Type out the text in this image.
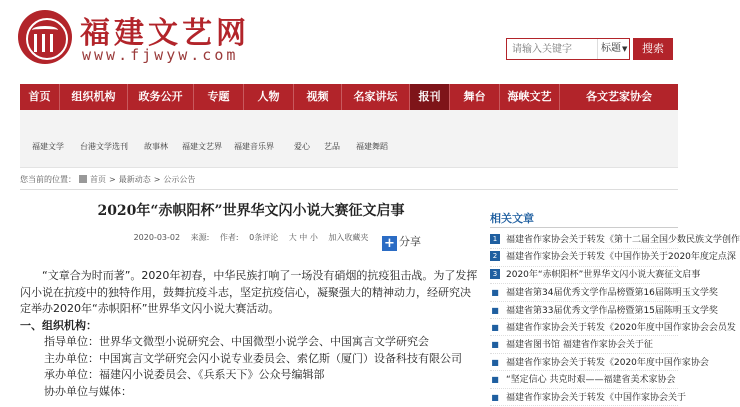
福建文艺网
www.fjwyw.com
请输入关键字	标题▼	搜索
首页	组织机构	政务公开	专题	人物	视频	名家讲坛	报刊	舞台	海峡文艺	各文艺家协会
福建文学 台港文学选刊 故事林 福建文艺界 福建音乐界	爱心 艺品 福建舞蹈
您当前的位置： 首页 > 最新动态 > 公示公告
2020年“赤帜阳杯”世界华文闪小说大赛征文启事
2020-03-02 来源: 作者: 0条评论 大 中 小 加入收藏夹	+ 分享

“文章合为时而著”。2020年初春，中华民族打响了一场没有硝烟的抗疫狙击战。为了发挥闪小说在抗疫中的独特作用，鼓舞抗疫斗志，坚定抗疫信心，凝聚强大的精神动力，经研究决定举办2020年“赤帜阳杯”世界华文闪小说大赛活动。

一、组织机构：

指导单位：世界华文微型小说研究会、中国微型小说学会、中国寓言文学研究会

主办单位：中国寓言文学研究会闪小说专业委员会、索亿斯（厦门）设备科技有限公司

承办单位：福建闪小说委员会、《兵系天下》公众号编辑部

协办单位与媒体：

相关文章
1 福建省作家协会关于转发《第十二届全国少数民族文学创作
2 福建省作家协会关于转发《中国作协关于2020年度定点深
3 2020年“赤帜阳杯”世界华文闪小说大赛征文启事
■ 福建省第34届优秀文学作品榜暨第16届陈明玉文学奖
■ 福建省第33届优秀文学作品榜暨第15届陈明玉文学奖
■ 福建省作家协会关于转发《2020年度中国作家协会会员发
■ 福建省图书馆 福建省作家协会关于征
■ 福建省作家协会关于转发《2020年度中国作家协会
■ “坚定信心 共克时艰——福建省美术家协会
■ 福建省作家协会关于转发《中国作家协会关于
